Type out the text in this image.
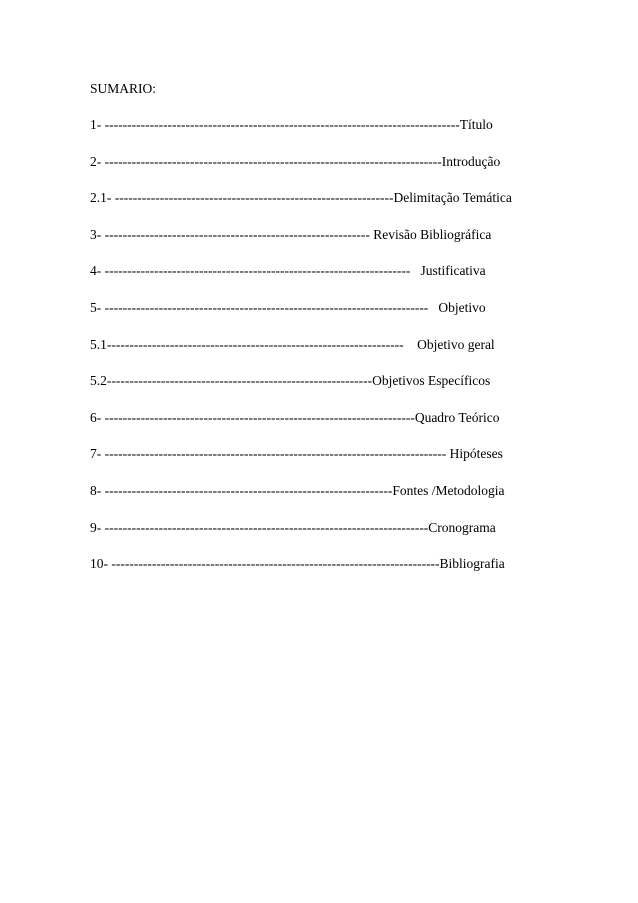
SUMARIO:
1- -------------------------------------------------------------------------------Título
2- ---------------------------------------------------------------------------Introdução
2.1- --------------------------------------------------------------Delimitação Temática
3- ----------------------------------------------------------- Revisão Bibliográfica
4- --------------------------------------------------------------------   Justificativa
5- ------------------------------------------------------------------------   Objetivo
5.1------------------------------------------------------------------    Objetivo geral
5.2-----------------------------------------------------------Objetivos Específicos
6- ---------------------------------------------------------------------Quadro Teórico
7- ---------------------------------------------------------------------------- Hipóteses
8- ----------------------------------------------------------------Fontes /Metodologia
9- ------------------------------------------------------------------------Cronograma
10- -------------------------------------------------------------------------Bibliografia
